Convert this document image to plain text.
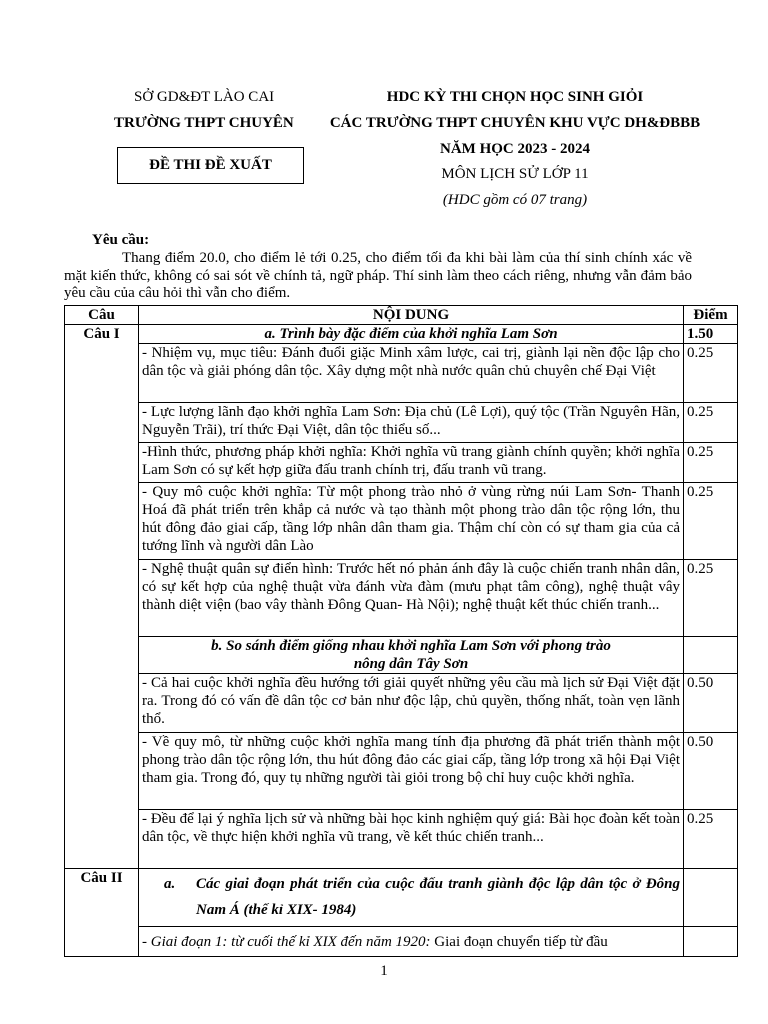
SỞ GD&ĐT LÀO CAI
TRƯỜNG THPT CHUYÊN
ĐỀ THI ĐỀ XUẤT
HDC KỲ THI CHỌN HỌC SINH GIỎI
CÁC TRƯỜNG THPT CHUYÊN KHU VỰC DH&ĐBBB
NĂM HỌC 2023 - 2024
MÔN LỊCH SỬ LỚP 11
(HDC gồm có 07 trang)
Yêu cầu:
Thang điểm 20.0, cho điểm lẻ tới 0.25, cho điểm tối đa khi bài làm của thí sinh chính xác về mặt kiến thức, không có sai sót về chính tả, ngữ pháp. Thí sinh làm theo cách riêng, nhưng vẫn đảm bảo yêu cầu của câu hỏi thì vẫn cho điểm.
Câu	NỘI DUNG	Điểm
Câu I	a. Trình bày đặc điểm của khởi nghĩa Lam Sơn	1.50
	- Nhiệm vụ, mục tiêu: Đánh đuổi giặc Minh xâm lược, cai trị, giành lại nền độc lập cho dân tộc và giải phóng dân tộc. Xây dựng một nhà nước quân chủ chuyên chế Đại Việt	0.25
	- Lực lượng lãnh đạo khởi nghĩa Lam Sơn: Địa chủ (Lê Lợi), quý tộc (Trần Nguyên Hãn, Nguyễn Trãi), trí thức Đại Việt, dân tộc thiểu số...	0.25
	-Hình thức, phương pháp khởi nghĩa: Khởi nghĩa vũ trang giành chính quyền; khởi nghĩa Lam Sơn có sự kết hợp giữa đấu tranh chính trị, đấu tranh vũ trang.	0.25
	- Quy mô cuộc khởi nghĩa: Từ một phong trào nhỏ ở vùng rừng núi Lam Sơn- Thanh Hoá đã phát triển trên khắp cả nước và tạo thành một phong trào dân tộc rộng lớn, thu hút đông đảo giai cấp, tầng lớp nhân dân tham gia. Thậm chí còn có sự tham gia của cả tướng lĩnh và người dân Lào	0.25
	- Nghệ thuật quân sự điển hình: Trước hết nó phản ánh đây là cuộc chiến tranh nhân dân, có sự kết hợp của nghệ thuật vừa đánh vừa đàm (mưu phạt tâm công), nghệ thuật vây thành diệt viện (bao vây thành Đông Quan- Hà Nội); nghệ thuật kết thúc chiến tranh...	0.25

	b. So sánh điểm giống nhau khởi nghĩa Lam Sơn với phong trào
nông dân Tây Sơn	

	- Cả hai cuộc khởi nghĩa đều hướng tới giải quyết những yêu cầu mà lịch sử Đại Việt đặt ra. Trong đó có vấn đề dân tộc cơ bản như độc lập, chủ quyền, thống nhất, toàn vẹn lãnh thổ.	0.50
	- Về quy mô, từ những cuộc khởi nghĩa mang tính địa phương đã phát triển thành một phong trào dân tộc rộng lớn, thu hút đông đảo các giai cấp, tầng lớp trong xã hội Đại Việt tham gia. Trong đó, quy tụ những người tài giỏi trong bộ chỉ huy cuộc khởi nghĩa.	0.50
	- Đều để lại ý nghĩa lịch sử và những bài học kinh nghiệm quý giá: Bài học đoàn kết toàn dân tộc, về thực hiện khởi nghĩa vũ trang, về kết thúc chiến tranh...	0.25

Câu II	a. Các giai đoạn phát triển của cuộc đấu tranh giành độc lập dân tộc ở Đông Nam Á (thế kỉ XIX- 1984)	

	- Giai đoạn 1: từ cuối thế kỉ XIX đến năm 1920: Giai đoạn chuyển tiếp từ đầu	
1
